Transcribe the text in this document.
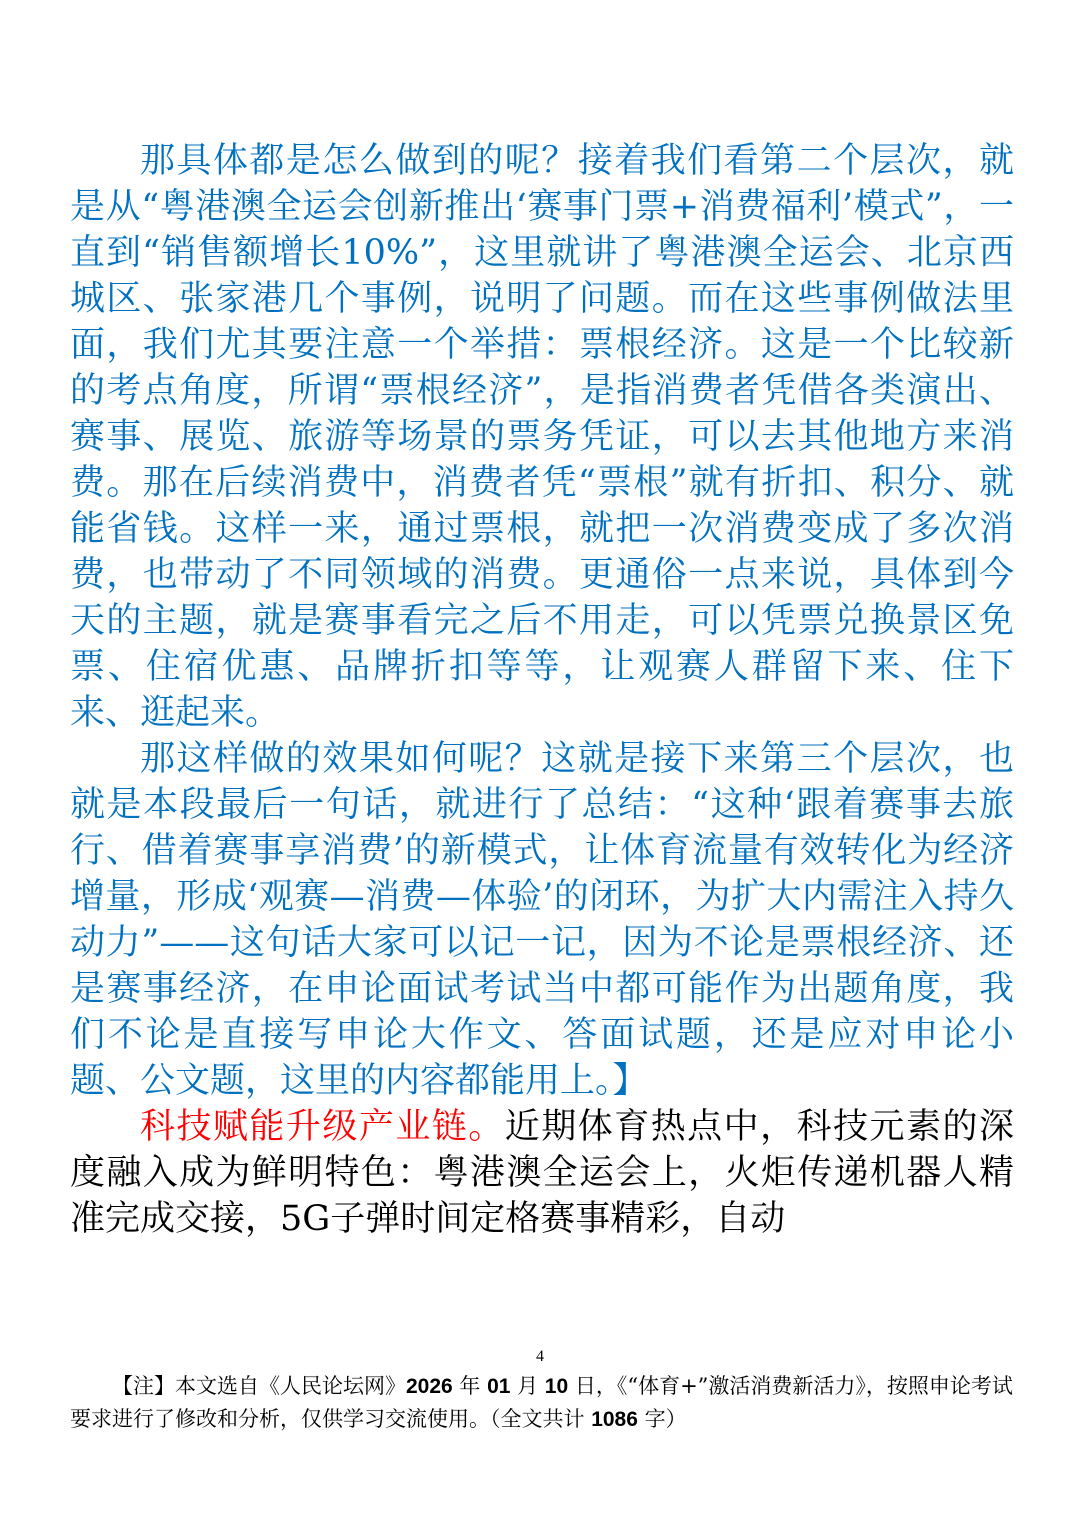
那具体都是怎么做到的呢？接着我们看第二个层次，就是从“粤港澳全运会创新推出‘赛事门票+消费福利’模式”，一直到“销售额增长10%”，这里就讲了粤港澳全运会、北京西城区、张家港几个事例，说明了问题。而在这些事例做法里面，我们尤其要注意一个举措：票根经济。这是一个比较新的考点角度，所谓“票根经济”，是指消费者凭借各类演出、赛事、展览、旅游等场景的票务凭证，可以去其他地方来消费。那在后续消费中，消费者凭“票根”就有折扣、积分、就能省钱。这样一来，通过票根，就把一次消费变成了多次消费，也带动了不同领域的消费。更通俗一点来说，具体到今天的主题，就是赛事看完之后不用走，可以凭票兑换景区免票、住宿优惠、品牌折扣等等，让观赛人群留下来、住下来、逛起来。

那这样做的效果如何呢？这就是接下来第三个层次，也就是本段最后一句话，就进行了总结：“这种‘跟着赛事去旅行、借着赛事享消费’的新模式，让体育流量有效转化为经济增量，形成‘观赛—消费—体验’的闭环，为扩大内需注入持久动力”——这句话大家可以记一记，因为不论是票根经济、还是赛事经济，在申论面试考试当中都可能作为出题角度，我们不论是直接写申论大作文、答面试题，还是应对申论小题、公文题，这里的内容都能用上。】

科技赋能升级产业链。近期体育热点中，科技元素的深度融入成为鲜明特色：粤港澳全运会上，火炬传递机器人精准完成交接，5G子弹时间定格赛事精彩，自动

4

【注】本文选自《人民论坛网》2026 年 01 月 10 日，《“体育+”激活消费新活力》，按照申论考试要求进行了修改和分析，仅供学习交流使用。（全文共计 1086 字）
